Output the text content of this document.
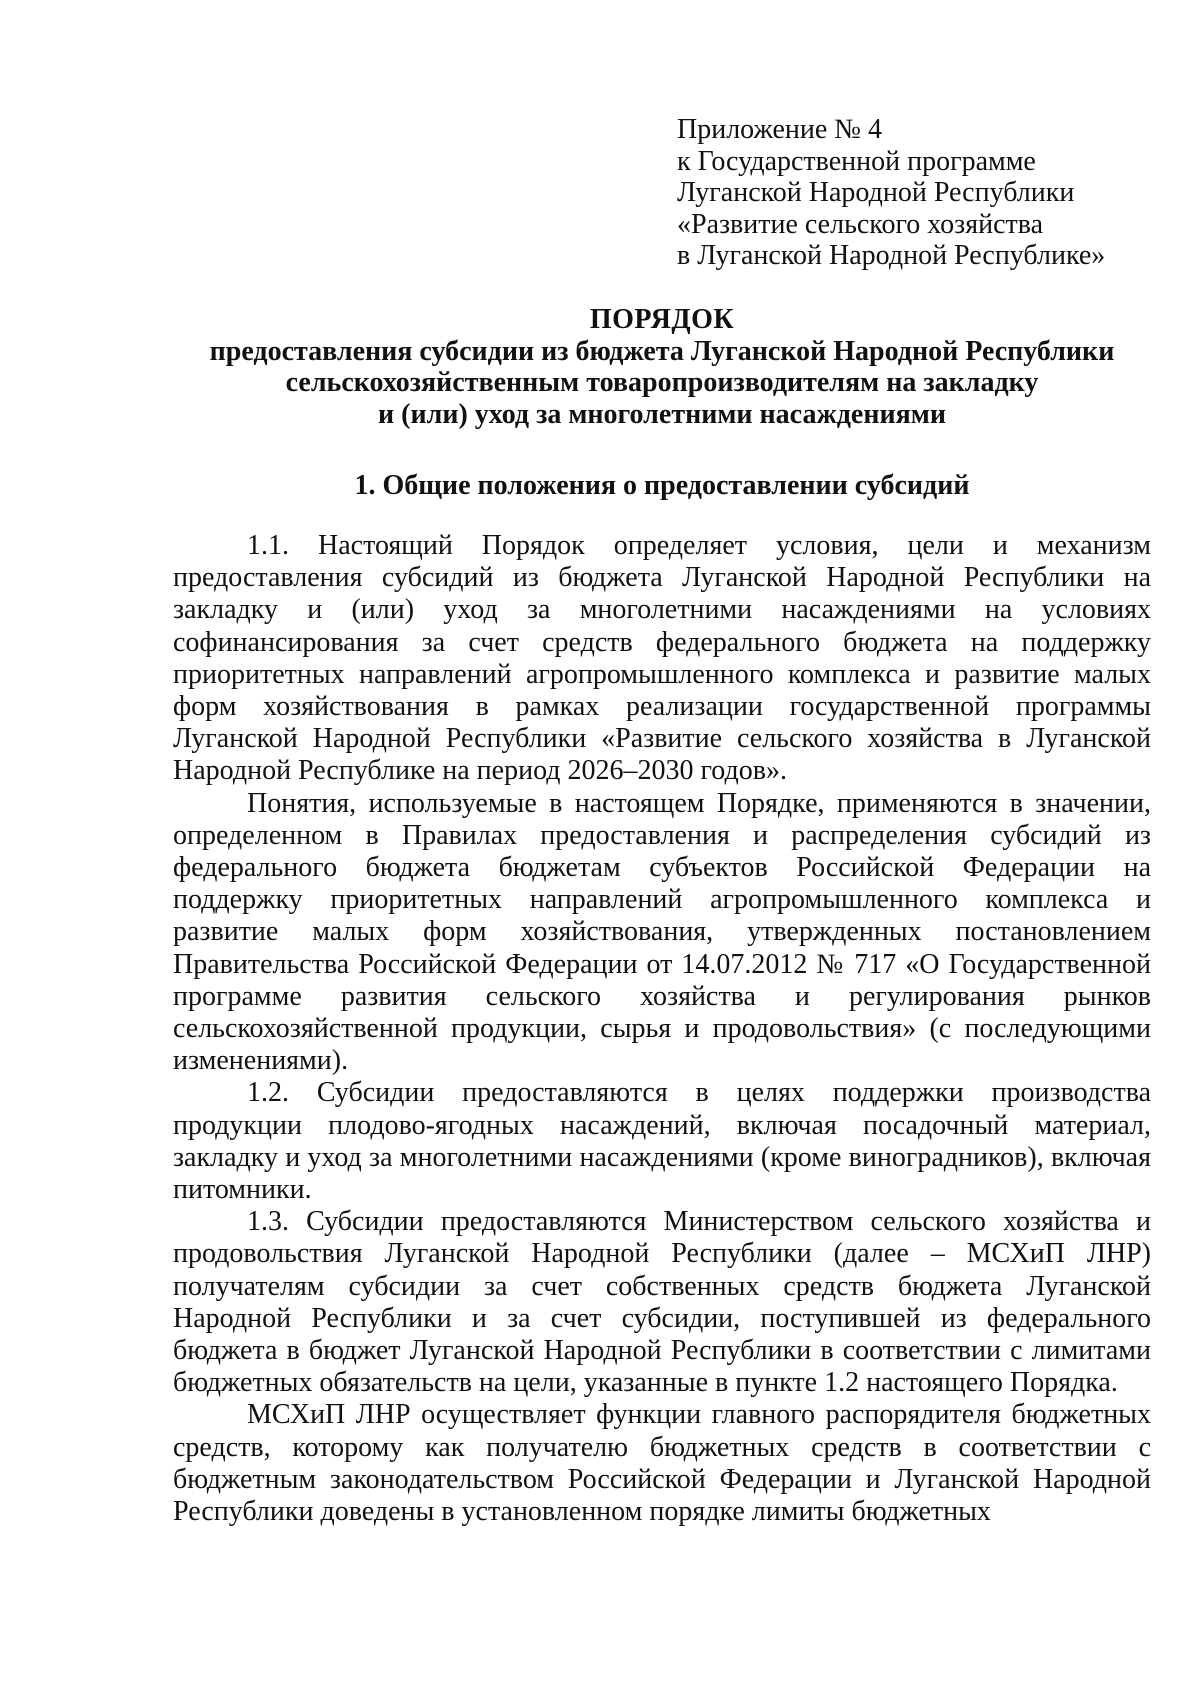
Приложение № 4
к Государственной программе
Луганской Народной Республики
«Развитие сельского хозяйства
в Луганской Народной Республике»
ПОРЯДОК
предоставления субсидии из бюджета Луганской Народной Республики
сельскохозяйственным товаропроизводителям на закладку
и (или) уход за многолетними насаждениями
1. Общие положения о предоставлении субсидий

1.1. Настоящий Порядок определяет условия, цели и механизм предоставления субсидий из бюджета Луганской Народной Республики на закладку и (или) уход за многолетними насаждениями на условиях софинансирования за счет средств федерального бюджета на поддержку приоритетных направлений агропромышленного комплекса и развитие малых форм хозяйствования в рамках реализации государственной программы Луганской Народной Республики «Развитие сельского хозяйства в Луганской Народной Республике на период 2026–2030 годов».

Понятия, используемые в настоящем Порядке, применяются в значении, определенном в Правилах предоставления и распределения субсидий из федерального бюджета бюджетам субъектов Российской Федерации на поддержку приоритетных направлений агропромышленного комплекса и развитие малых форм хозяйствования, утвержденных постановлением Правительства Российской Федерации от 14.07.2012 № 717 «О Государственной программе развития сельского хозяйства и регулирования рынков сельскохозяйственной продукции, сырья и продовольствия» (с последующими изменениями).

1.2. Субсидии предоставляются в целях поддержки производства продукции плодово-ягодных насаждений, включая посадочный материал, закладку и уход за многолетними насаждениями (кроме виноградников), включая питомники.

1.3. Субсидии предоставляются Министерством сельского хозяйства и продовольствия Луганской Народной Республики (далее – МСХиП ЛНР) получателям субсидии за счет собственных средств бюджета Луганской Народной Республики и за счет субсидии, поступившей из федерального бюджета в бюджет Луганской Народной Республики в соответствии с лимитами бюджетных обязательств на цели, указанные в пункте 1.2 настоящего Порядка.

МСХиП ЛНР осуществляет функции главного распорядителя бюджетных средств, которому как получателю бюджетных средств в соответствии с бюджетным законодательством Российской Федерации и Луганской Народной Республики доведены в установленном порядке лимиты бюджетных
